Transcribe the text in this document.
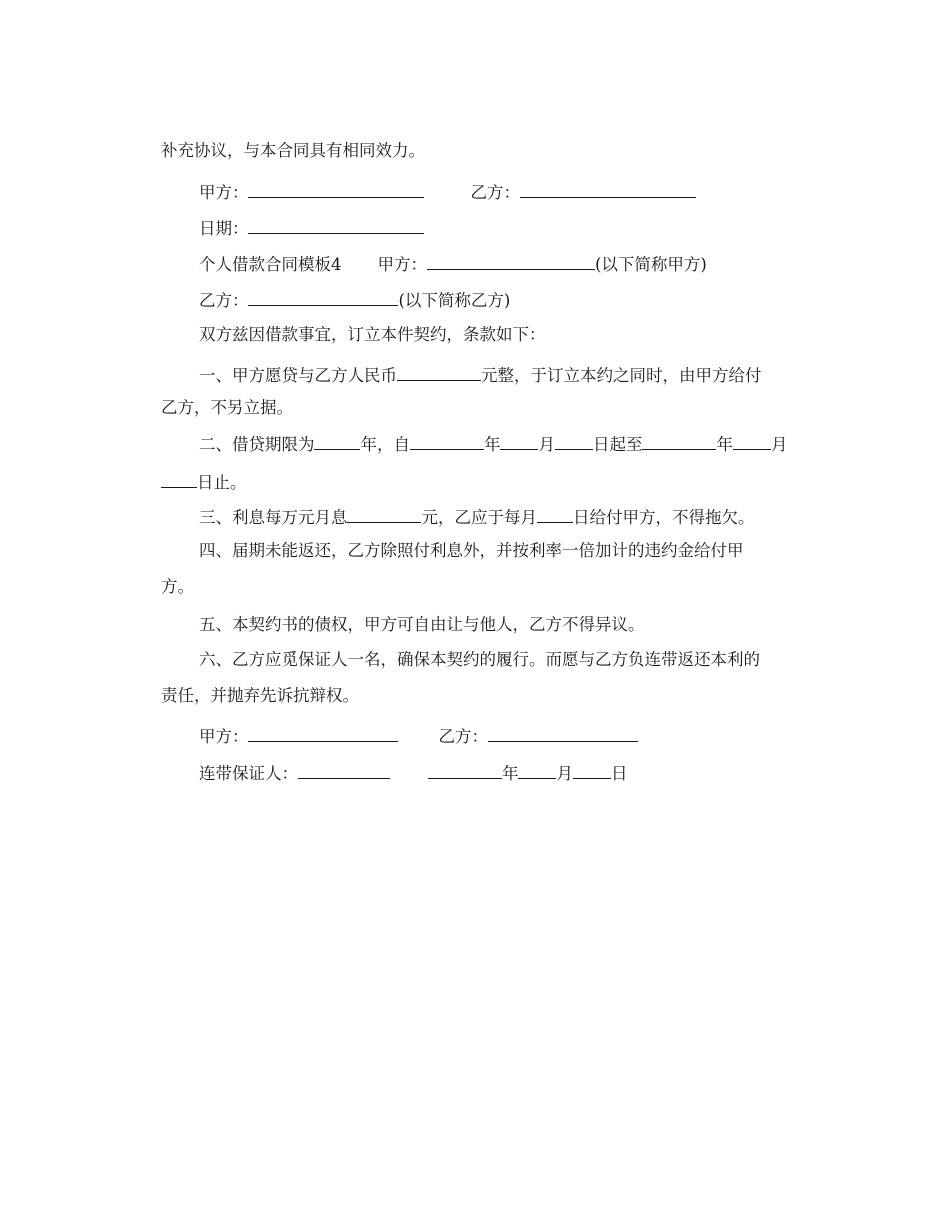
补充协议，与本合同具有相同效力。

甲方：	乙方：

日期：

个人借款合同模板4 甲方：	(以下简称甲方)

乙方：	(以下简称乙方)

双方兹因借款事宜，订立本件契约，条款如下：

一、甲方愿贷与乙方人民币	元整，于订立本约之同时，由甲方给付

乙方，不另立据。

二、借贷期限为	年，自	年 月 日起至	年 月

日止。

三、利息每万元月息	元，乙应于每月 日给付甲方，不得拖欠。

四、届期未能返还，乙方除照付利息外，并按利率一倍加计的违约金给付甲

方。

五、本契约书的债权，甲方可自由让与他人，乙方不得异议。

六、乙方应觅保证人一名，确保本契约的履行。而愿与乙方负连带返还本利的

责任，并抛弃先诉抗辩权。

甲方：	乙方：

连带保证人：	年 月 日
